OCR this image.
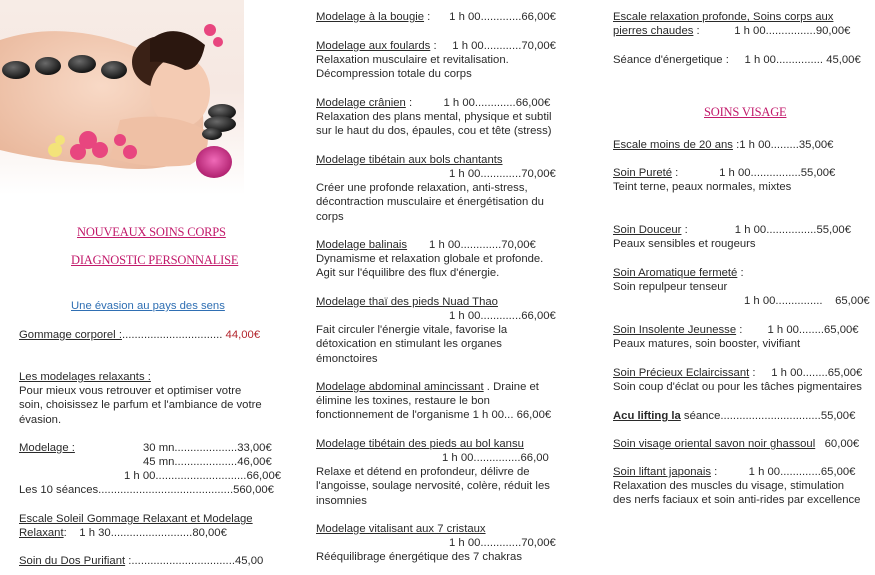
NOUVEAUX SOINS CORPS
DIAGNOSTIC PERSONNALISE
Une évasion au pays des sens
Gommage corporel :................................ 44,00€
Les modelages relaxants :
Pour mieux vous retrouver et optimiser votre
soin, choisissez le parfum et l'ambiance de votre
évasion.
Modelage :	30 mn....................33,00€
45 mn....................46,00€
1 h 00.............................66,00€
Les 10 séances...........................................560,00€
Escale Soleil Gommage Relaxant et Modelage
Relaxant:    1 h 30..........................80,00€
Soin du Dos Purifiant :.................................45,00
Modelage à la bougie :      1 h 00.............66,00€
Modelage aux foulards :     1 h 00............70,00€
Relaxation musculaire et revitalisation.
Décompression totale du corps
Modelage crânien :          1 h 00.............66,00€
Relaxation des plans mental, physique et subtil
sur le haut du dos, épaules, cou et tête (stress)
Modelage tibétain aux bols chantants
1 h 00.............70,00€
Créer une profonde relaxation, anti-stress,
décontraction musculaire et énergétisation du
corps
Modelage balinais       1 h 00.............70,00€
Dynamisme et relaxation globale et profonde.
Agit sur l'équilibre des flux d'énergie.
Modelage thaï des pieds Nuad Thao
1 h 00.............66,00€
Fait circuler l'énergie vitale, favorise la
détoxication en stimulant les organes
émonctoires
Modelage abdominal amincissant . Draine et
élimine les toxines, restaure le bon
fonctionnement de l'organisme 1 h 00... 66,00€
Modelage tibétain des pieds au bol kansu
1 h 00...............66,00
Relaxe et détend en profondeur, délivre de
l'angoisse, soulage nervosité, colère, réduit les
insomnies
Modelage vitalisant aux 7 cristaux
1 h 00.............70,00€
Rééquilibrage énergétique des 7 chakras
Escale relaxation profonde, Soins corps aux
pierres chaudes :           1 h 00................90,00€
Séance d'énergetique :     1 h 00............... 45,00€
SOINS VISAGE
Escale moins de 20 ans :1 h 00.........35,00€
Soin Pureté :             1 h 00................55,00€
Teint terne, peaux normales, mixtes
Soin Douceur :               1 h 00................55,00€
Peaux sensibles et rougeurs
Soin Aromatique fermeté :
Soin repulpeur tenseur
1 h 00............... 65,00€
Soin Insolente Jeunesse :        1 h 00........65,00€
Peaux matures, soin booster, vivifiant
Soin Précieux Eclaircissant :     1 h 00........65,00€
Soin coup d'éclat ou pour les tâches pigmentaires
Acu lifting la séance................................55,00€
Soin visage oriental savon noir ghassoul   60,00€
Soin liftant japonais :          1 h 00.............65,00€
Relaxation des muscles du visage, stimulation
des nerfs faciaux et soin anti-rides par excellence
